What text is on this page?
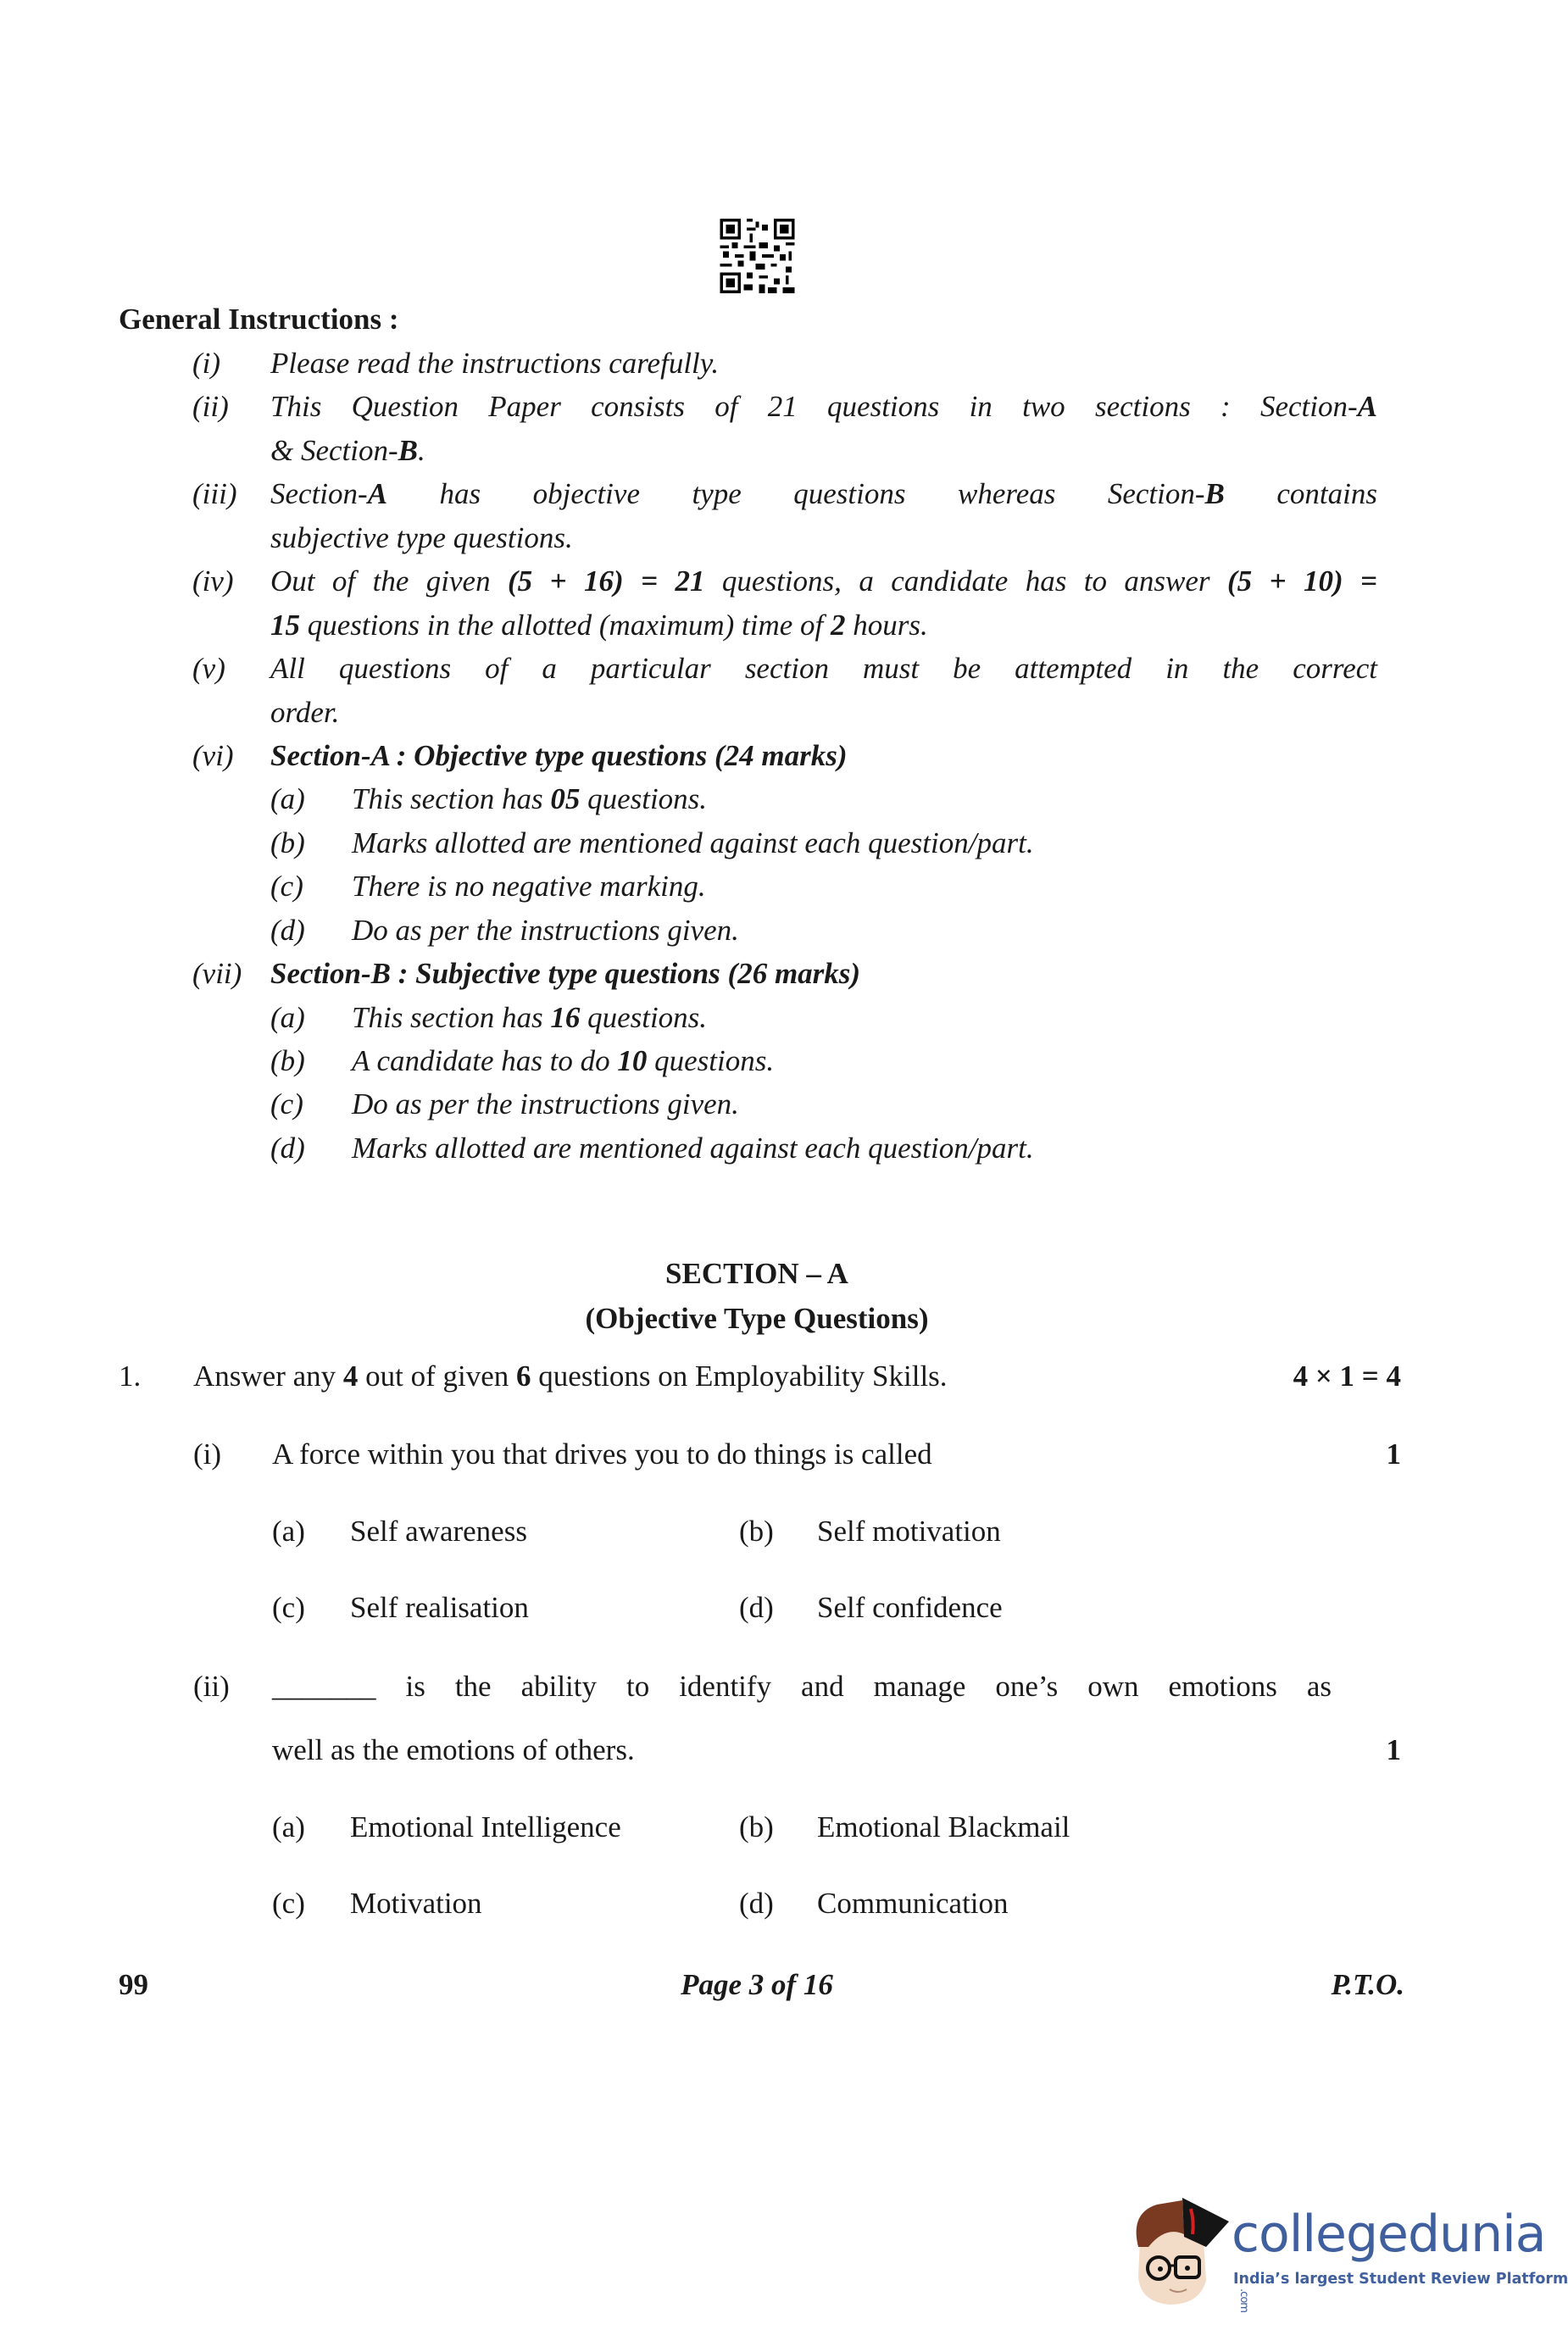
General Instructions :
(i) Please read the instructions carefully.
(ii) This Question Paper consists of 21 questions in two sections : Section-A
& Section-B.
(iii) Section-A has objective type questions whereas Section-B contains
subjective type questions.
(iv) Out of the given (5 + 16) = 21 questions, a candidate has to answer (5 + 10) =
15 questions in the allotted (maximum) time of 2 hours.
(v) All questions of a particular section must be attempted in the correct
order.
(vi) Section-A : Objective type questions (24 marks)
(a) This section has 05 questions.
(b) Marks allotted are mentioned against each question/part.
(c) There is no negative marking.
(d) Do as per the instructions given.
(vii) Section-B : Subjective type questions (26 marks)
(a) This section has 16 questions.
(b) A candidate has to do 10 questions.
(c) Do as per the instructions given.
(d) Marks allotted are mentioned against each question/part.
SECTION – A
(Objective Type Questions)
1. Answer any 4 out of given 6 questions on Employability Skills.	4 × 1 = 4
(i) A force within you that drives you to do things is called	1
(a) Self awareness	(b) Self motivation
(c) Self realisation	(d) Self confidence
(ii) _______ is the ability to identify and manage one’s own emotions as
well as the emotions of others.	1
(a) Emotional Intelligence	(b) Emotional Blackmail
(c) Motivation	(d) Communication
99	Page 3 of 16	P.T.O.
collegedunia.com
India’s largest Student Review Platform
